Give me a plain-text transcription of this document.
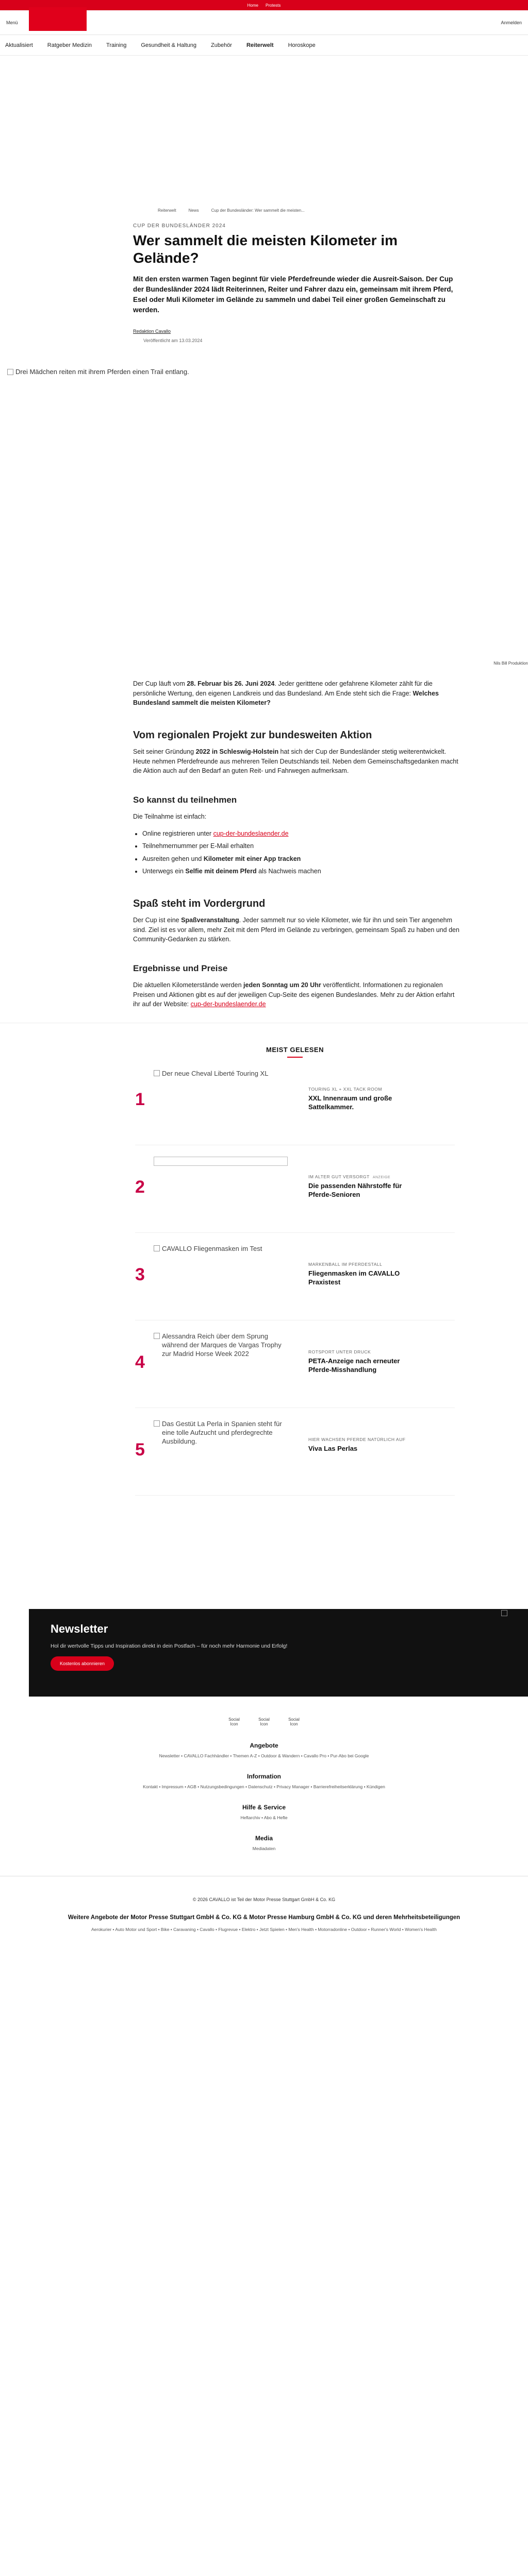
Home Protests
Menü	Anmelden
Aktualisiert	Ratgeber Medizin	Training	Gesundheit & Haltung	Zubehör	Reiterwelt	Horoskope
Reiterwelt	News	Cup der Bundesländer: Wer sammelt die meisten...
CUP DER BUNDESLÄNDER 2024
Wer sammelt die meisten Kilometer im Gelände?

Mit den ersten warmen Tagen beginnt für viele Pferdefreunde wieder die Ausreit-Saison. Der Cup der Bundesländer 2024 lädt Reiterinnen, Reiter und Fahrer dazu ein, gemeinsam mit ihrem Pferd, Esel oder Muli Kilometer im Gelände zu sammeln und dabei Teil einer großen Gemeinschaft zu werden.

Redaktion Cavallo
Veröffentlicht am 13.03.2024
Drei Mädchen reiten mit ihrem Pferden einen Trail entlang.
Nils Bill Produktion

Der Cup läuft vom 28. Februar bis 26. Juni 2024. Jeder geritttene oder gefahrene Kilometer zählt für die persönliche Wertung, den eigenen Landkreis und das Bundesland. Am Ende steht sich die Frage: Welches Bundesland sammelt die meisten Kilometer?

Vom regionalen Projekt zur bundesweiten Aktion

Seit seiner Gründung 2022 in Schleswig-Holstein hat sich der Cup der Bundesländer stetig weiterentwickelt. Heute nehmen Pferdefreunde aus mehreren Teilen Deutschlands teil. Neben dem Gemeinschaftsgedanken macht die Aktion auch auf den Bedarf an guten Reit- und Fahrwegen aufmerksam.

So kannst du teilnehmen

Die Teilnahme ist einfach:

• Online registrieren unter cup-der-bundeslaender.de
• Teilnehmernummer per E-Mail erhalten
• Ausreiten gehen und Kilometer mit einer App tracken
• Unterwegs ein Selfie mit deinem Pferd als Nachweis machen
Spaß steht im Vordergrund

Der Cup ist eine Spaßveranstaltung. Jeder sammelt nur so viele Kilometer, wie für ihn und sein Tier angenehm sind. Ziel ist es vor allem, mehr Zeit mit dem Pferd im Gelände zu verbringen, gemeinsam Spaß zu haben und den Community-Gedanken zu stärken.

Ergebnisse und Preise

Die aktuellen Kilometerstände werden jeden Sonntag um 20 Uhr veröffentlicht. Informationen zu regionalen Preisen und Aktionen gibt es auf der jeweiligen Cup-Seite des eigenen Bundeslandes. Mehr zu der Aktion erfahrt ihr auf der Website: cup-der-bundeslaender.de

MEIST GELESEN
1
Der neue Cheval Liberté Touring XL
TOURING XL + XXL TACK ROOM
XXL Innenraum und große Sattelkammer.
2
IM ALTER GUT VERSORGT ANZEIGE
Die passenden Nährstoffe für Pferde-Senioren
3
CAVALLO Fliegenmasken im Test
MARKENBALL IM PFERDESTALL
Fliegenmasken im CAVALLO Praxistest
4
Alessandra Reich über dem Sprung während der Marques de Vargas Trophy zur Madrid Horse Week 2022	ROTSPORT UNTER DRUCK
PETA-Anzeige nach erneuter Pferde-Misshandlung
5
Das Gestüt La Perla in Spanien steht für eine tolle Aufzucht und pferdegrechte Ausbildung.	HIER WACHSEN PFERDE NATÜRLICH AUF
Viva Las Perlas
Newsletter

Hol dir wertvolle Tipps und Inspiration direkt in dein Postfach – für noch mehr Harmonie und Erfolg!

Kostenlos abonnieren
Social Icon
Social Icon
Social Icon
Angebote
Newsletter • CAVALLO Fachhändler • Themen A-Z • Outdoor & Wandern • Cavallo Pro • Pur-Abo bei Google
Information
Kontakt • Impressum • AGB • Nutzungsbedingungen • Datenschutz • Privacy Manager • Barrierefreiheitserklärung • Kündigen
Hilfe & Service
Heftarchiv • Abo & Hefte
Media
Mediadaten
© 2026 CAVALLO ist Teil der Motor Presse Stuttgart GmbH & Co. KG
Weitere Angebote der Motor Presse Stuttgart GmbH & Co. KG & Motor Presse Hamburg GmbH & Co. KG und deren Mehrheitsbeteiligungen
Aerokurier • Auto Motor und Sport • Bike • Caravaning • Cavallo • Flugrevue • Elektro • Jetzt Spielen • Men's Health • Motorradonline • Outdoor • Runner's World • Women's Health
